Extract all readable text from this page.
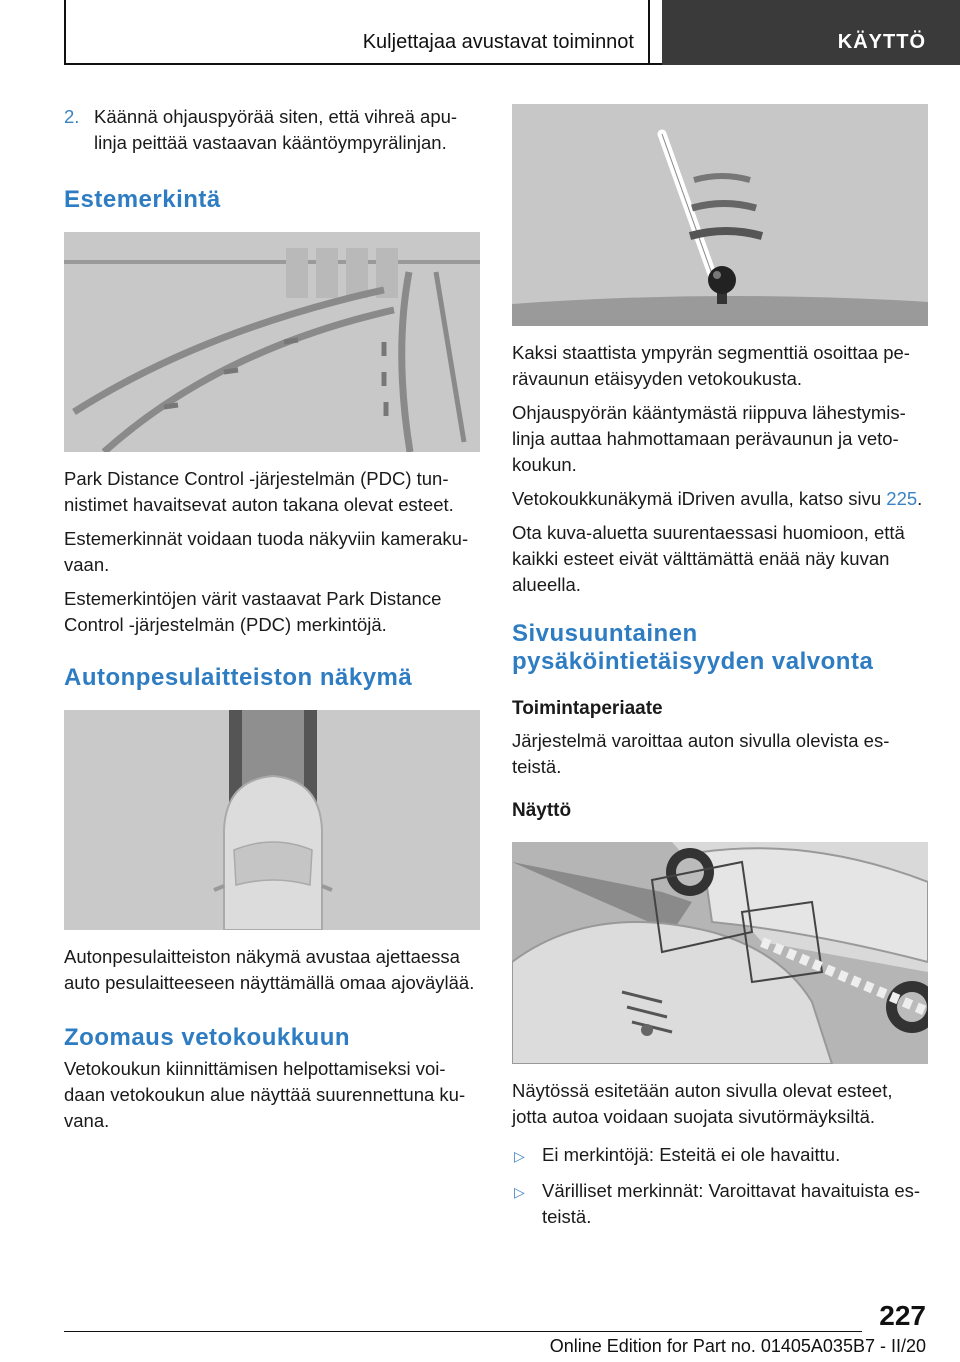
Kuljettajaa avustavat toiminnot	KÄYTTÖ

2. Käännä ohjauspyörää siten, että vihreä apulinja peittää vastaavan kääntöympyrälinjan.

Estemerkintä

Park Distance Control ‑järjestelmän (PDC) tunnistimet havaitsevat auton takana olevat esteet.

Estemerkinnät voidaan tuoda näkyviin kamerakuvaan.

Estemerkintöjen värit vastaavat Park Distance Control ‑järjestelmän (PDC) merkintöjä.

Autonpesulaitteiston näkymä

Autonpesulaitteiston näkymä avustaa ajettaessa auto pesulaitteeseen näyttämällä omaa ajoväylää.

Zoomaus vetokoukkuun

Vetokoukun kiinnittämisen helpottamiseksi voidaan vetokoukun alue näyttää suurennettuna kuvana.

Kaksi staattista ympyrän segmenttiä osoittaa perävaunun etäisyyden vetokoukusta.

Ohjauspyörän kääntymästä riippuva lähestymislinja auttaa hahmottamaan perävaunun ja vetokoukun.

Vetokoukkunäkymä iDriven avulla, katso sivu 225.

Ota kuva-aluetta suurentaessasi huomioon, että kaikki esteet eivät välttämättä enää näy kuvan alueella.

Sivusuuntainen
pysäköintietäisyyden valvonta
Toimintaperiaate

Järjestelmä varoittaa auton sivulla olevista esteistä.

Näyttö

Näytössä esitetään auton sivulla olevat esteet, jotta autoa voidaan suojata sivutörmäyksiltä.

▷ Ei merkintöjä: Esteitä ei ole havaittu.

▷ Värilliset merkinnät: Varoittavat havaituista esteistä.

227
Online Edition for Part no. 01405A035B7 - II/20
